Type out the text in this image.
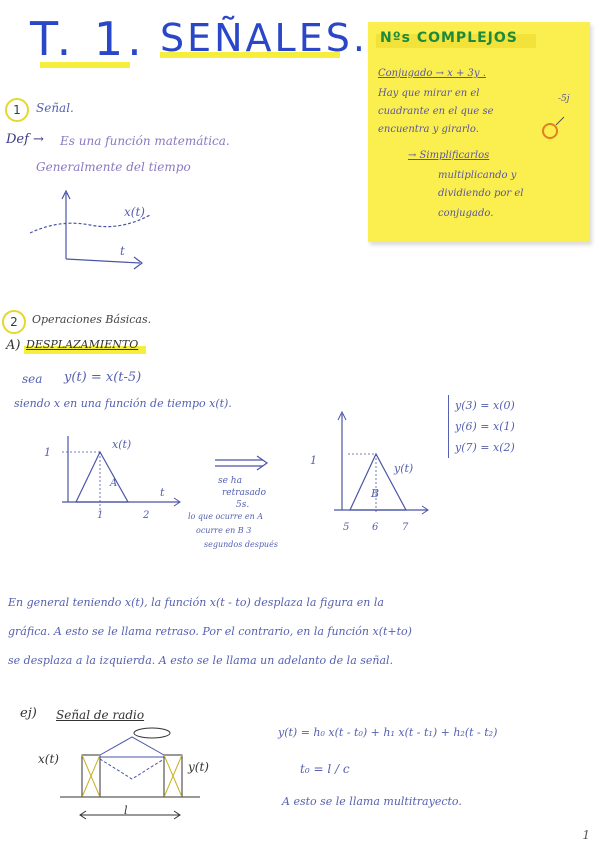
T. 1. SEÑALES. Nºs COMPLEJOS
Conjugado → x + 3y .
Hay que mirar en el
cuadrante en el que se
encuentra y girarlo.
→ Simplificarlos
multiplicando y
dividiendo por el
conjugado.
-5j
1	Señal.
Def → Es una función matemática.
Generalmente del tiempo
x(t)
t
2	Operaciones Básicas.
A) DESPLAZAMIENTO
sea y(t) = x(t-5)
siendo x en una función de tiempo x(t).	y(3) = x(0)
y(6) = x(1)
y(7) = x(2)
1
x(t)
A
t
1	2
se ha
retrasado
5s.
lo que ocurre en A
ocurre en B 3
segundos después
1
y(t)
B
5 6 7
En general teniendo x(t), la función x(t - to) desplaza la figura en la
gráfica. A esto se le llama retraso. Por el contrario, en la función x(t+to)
se desplaza a la izquierda. A esto se le llama un adelanto de la señal.
ej) Señal de radio
x(t)
y(t)
l
y(t) = h₀ x(t - t₀) + h₁ x(t - t₁) + h₂(t - t₂)
t₀ = l / c
A esto se le llama multitrayecto.
1
